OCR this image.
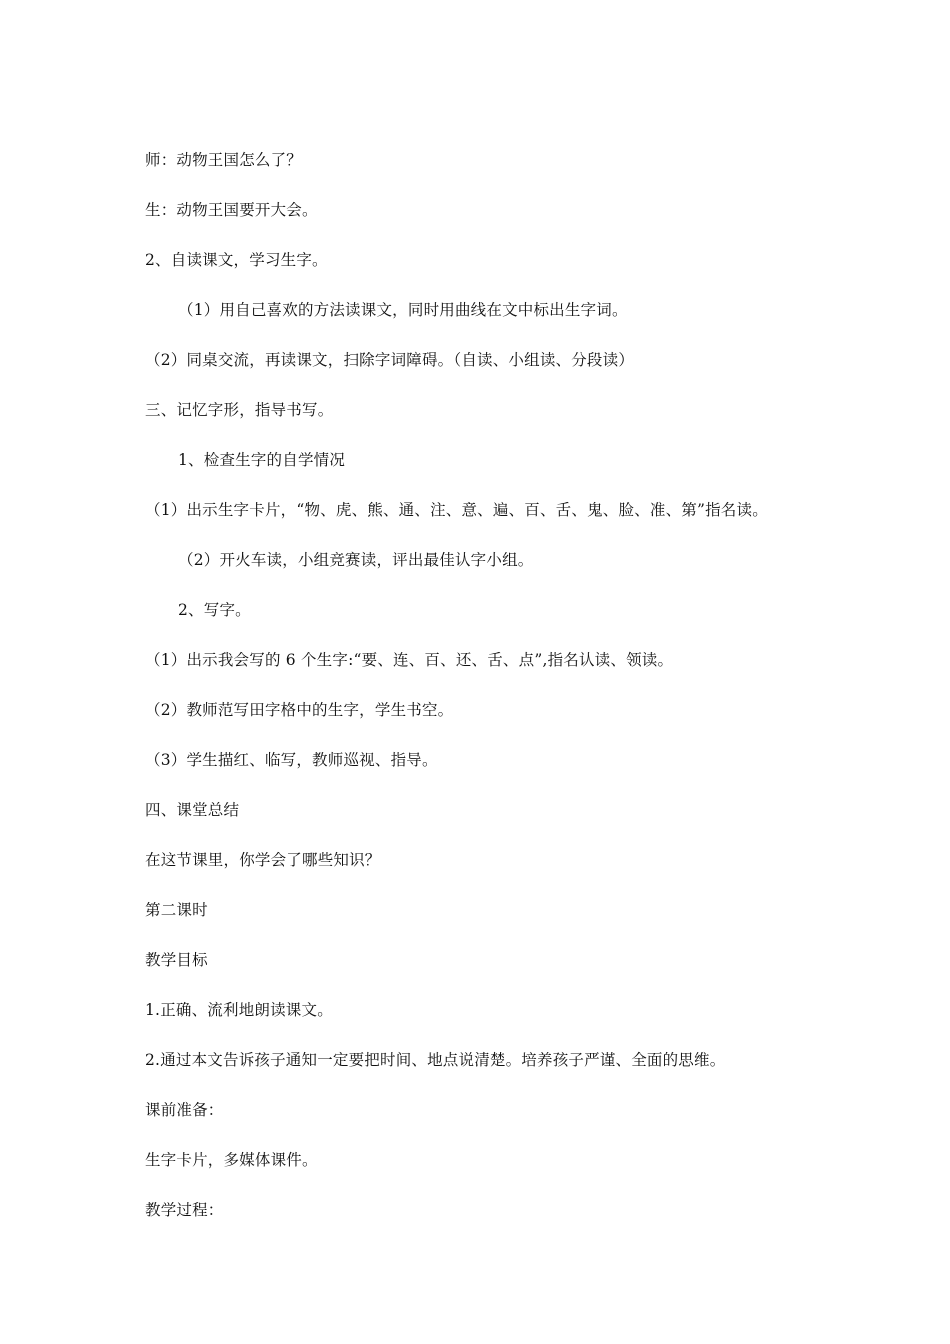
师：动物王国怎么了？
生：动物王国要开大会。
2、自读课文，学习生字。
（1）用自己喜欢的方法读课文，同时用曲线在文中标出生字词。
（2）同桌交流，再读课文，扫除字词障碍。（自读、小组读、分段读）
三、记忆字形，指导书写。
1、检查生字的自学情况
（1）出示生字卡片，“物、虎、熊、通、注、意、遍、百、舌、鬼、脸、准、第”指名读。
（2）开火车读，小组竞赛读，评出最佳认字小组。
2、写字。
（1）出示我会写的 6 个生字:“要、连、百、还、舌、点”,指名认读、领读。
（2）教师范写田字格中的生字，学生书空。
（3）学生描红、临写，教师巡视、指导。
四、课堂总结
在这节课里，你学会了哪些知识？
第二课时
教学目标
1.正确、流利地朗读课文。
2.通过本文告诉孩子通知一定要把时间、地点说清楚。培养孩子严谨、全面的思维。
课前准备：
生字卡片，多媒体课件。
教学过程：
